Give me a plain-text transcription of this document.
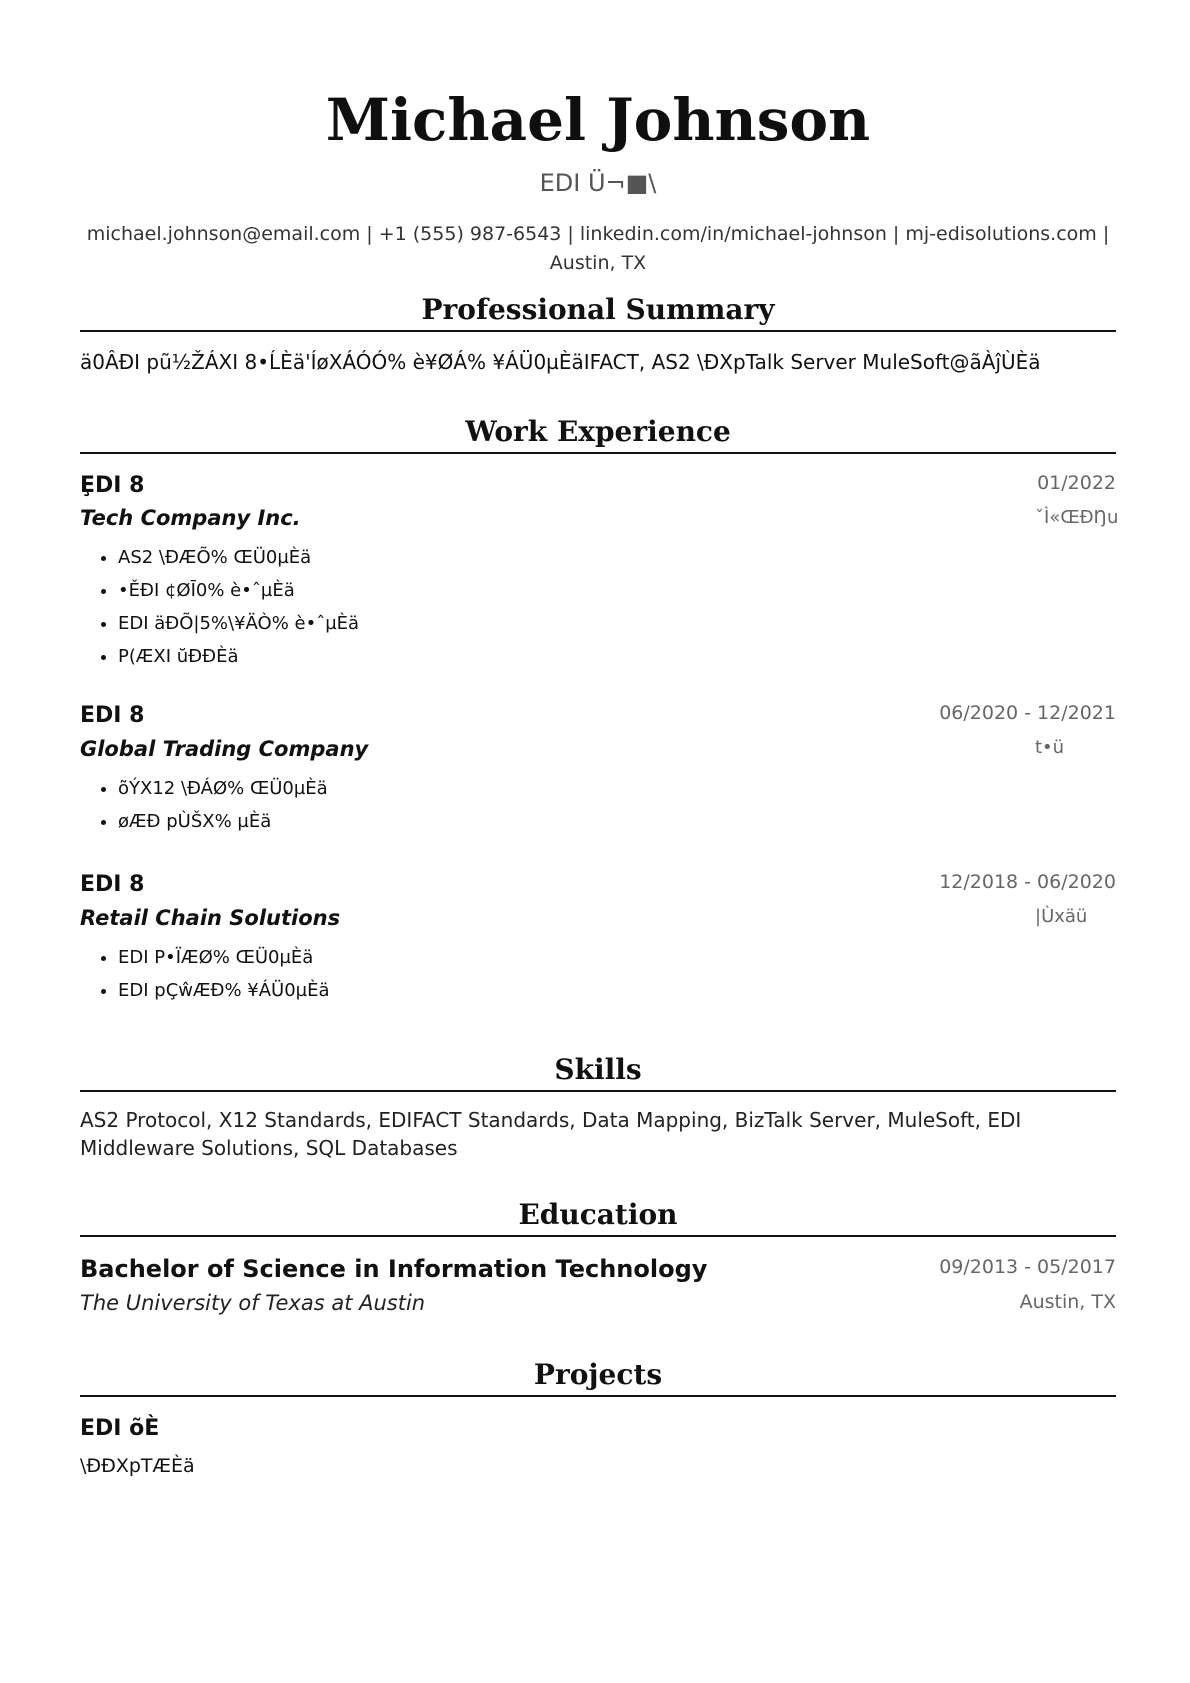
Michael Johnson
EDI Ü¬■\
michael.johnson@email.com | +1 (555) 987-6543 | linkedin.com/in/michael-johnson | mj-edisolutions.com |
Austin, TX
Professional Summary
ä0ÂÐI pũ½ŽÁXI 8•ĹÈä'ÍøXÁÓÓ% è¥ØÁ% ¥ÁÜ0µÈäIFACT, AS2 \ĐXpTalk Server MuleSoft@ãÀĵÙÈä
Work Experience
ȨDI 8	01/2022
Tech Company Inc.	ˇÌ«ŒĐŊu
• AS2 \ÐÆÕ% ŒÜ0µÈä
• •ĚÐI ¢ØĪ0% è•ˆµÈä
• EDI äÐÕ|5%\¥ÄÒ% è•ˆµÈä
• P(ÆXI ŭÐĐÈä
EDI 8	06/2020 - 12/2021
Global Trading Company	t•ü
• õÝX12 \ÐÁØ% ŒÜ0µÈä
• øÆĐ pÙŠX% µÈä
EDI 8	12/2018 - 06/2020
Retail Chain Solutions	|Ùxäü
• EDI P•ÏÆØ% ŒÜ0µÈä
• EDI pÇŵÆÐ% ¥ÁÜ0µÈä
Skills
AS2 Protocol, X12 Standards, EDIFACT Standards, Data Mapping, BizTalk Server, MuleSoft, EDI Middleware Solutions, SQL Databases
Education
Bachelor of Science in Information Technology	09/2013 - 05/2017
The University of Texas at Austin	Austin, TX
Projects
EDI õÈ
\ÐĐXpTÆÈä
